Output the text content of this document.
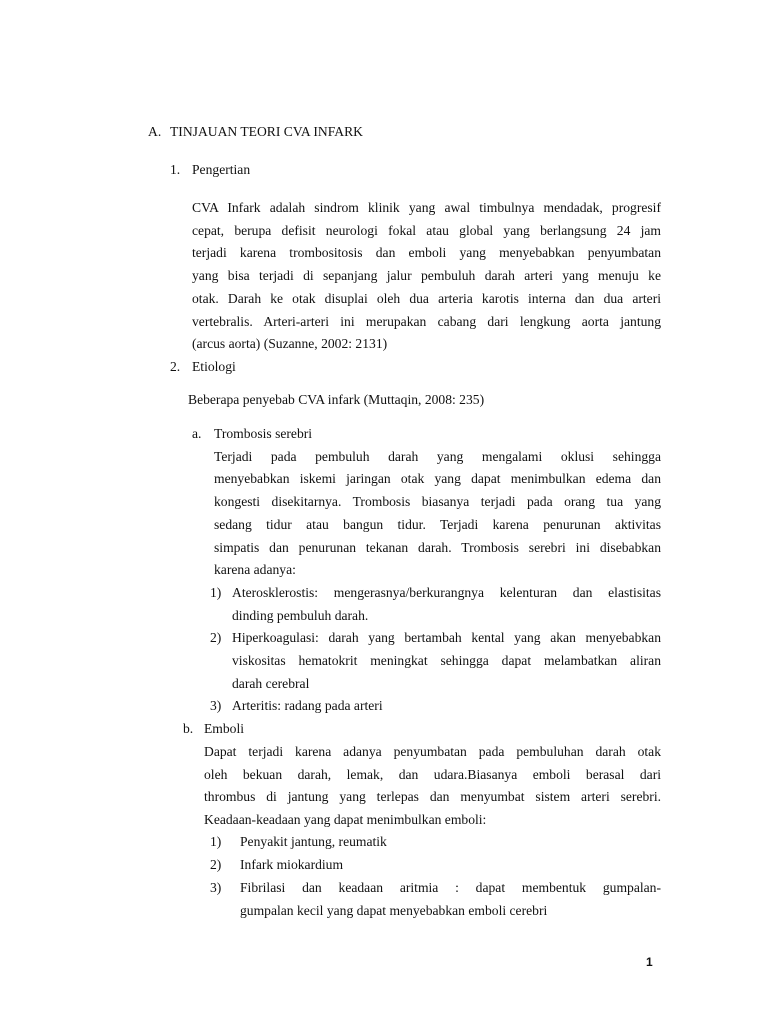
A. TINJAUAN TEORI CVA INFARK
1. Pengertian
CVA Infark adalah sindrom klinik yang awal timbulnya mendadak, progresif
cepat, berupa defisit neurologi fokal atau global yang berlangsung 24 jam
terjadi karena trombositosis dan emboli yang menyebabkan penyumbatan
yang bisa terjadi di sepanjang jalur pembuluh darah arteri yang menuju ke
otak. Darah ke otak disuplai oleh dua arteria karotis interna dan dua arteri
vertebralis. Arteri-arteri ini merupakan cabang dari lengkung aorta jantung
(arcus aorta) (Suzanne, 2002: 2131)
2. Etiologi
Beberapa penyebab CVA infark (Muttaqin, 2008: 235)
a. Trombosis serebri
Terjadi pada pembuluh darah yang mengalami oklusi sehingga
menyebabkan iskemi jaringan otak yang dapat menimbulkan edema dan
kongesti disekitarnya. Trombosis biasanya terjadi pada orang tua yang
sedang tidur atau bangun tidur. Terjadi karena penurunan aktivitas
simpatis dan penurunan tekanan darah. Trombosis serebri ini disebabkan
karena adanya:
1) Aterosklerostis: mengerasnya/berkurangnya kelenturan dan elastisitas
dinding pembuluh darah.
2) Hiperkoagulasi: darah yang bertambah kental yang akan menyebabkan
viskositas hematokrit meningkat sehingga dapat melambatkan aliran
darah cerebral
3) Arteritis: radang pada arteri
b. Emboli
Dapat terjadi karena adanya penyumbatan pada pembuluhan darah otak
oleh bekuan darah, lemak, dan udara.Biasanya emboli berasal dari
thrombus di jantung yang terlepas dan menyumbat sistem arteri serebri.
Keadaan-keadaan yang dapat menimbulkan emboli:
1) Penyakit jantung, reumatik
2) Infark miokardium
3) Fibrilasi dan keadaan aritmia : dapat membentuk gumpalan-
gumpalan kecil yang dapat menyebabkan emboli cerebri
1
